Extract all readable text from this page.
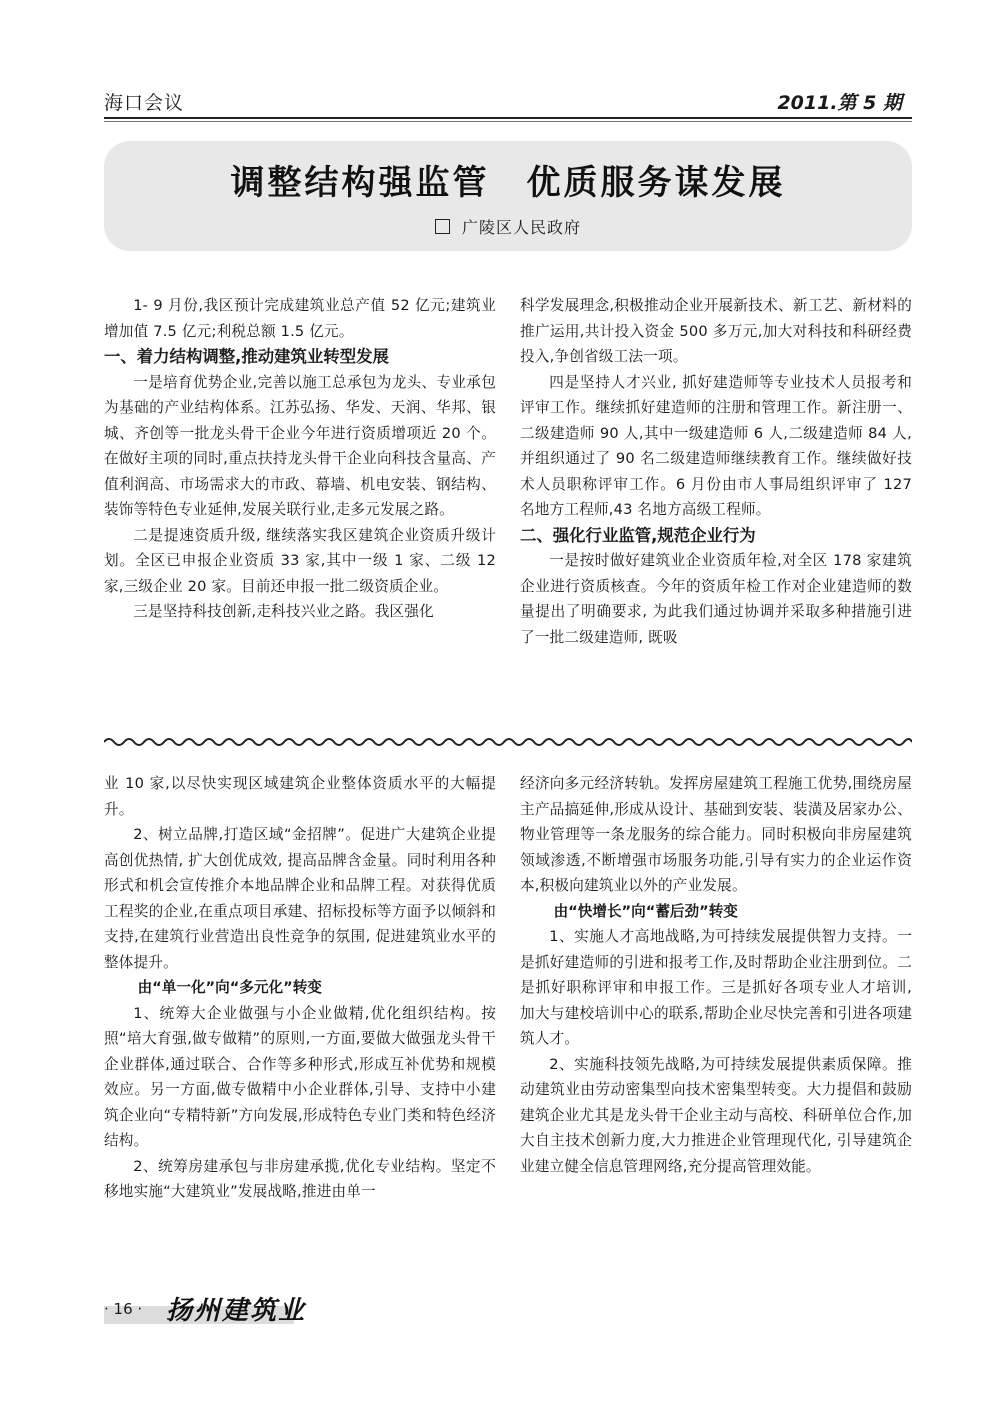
海口会议	2011.第 5 期
调整结构强监管　优质服务谋发展
广陵区人民政府

1- 9 月份,我区预计完成建筑业总产值 52 亿元;建筑业增加值 7.5 亿元;利税总额 1.5 亿元。

一、着力结构调整,推动建筑业转型发展

一是培育优势企业,完善以施工总承包为龙头、专业承包为基础的产业结构体系。江苏弘扬、华发、天润、华邦、银城、齐创等一批龙头骨干企业今年进行资质增项近 20 个。在做好主项的同时,重点扶持龙头骨干企业向科技含量高、产值利润高、市场需求大的市政、幕墙、机电安装、钢结构、装饰等特色专业延伸,发展关联行业,走多元发展之路。

二是提速资质升级, 继续落实我区建筑企业资质升级计划。全区已申报企业资质 33 家,其中一级 1 家、二级 12 家,三级企业 20 家。目前还申报一批二级资质企业。

三是坚持科技创新,走科技兴业之路。我区强化

科学发展理念,积极推动企业开展新技术、新工艺、新材料的推广运用,共计投入资金 500 多万元,加大对科技和科研经费投入,争创省级工法一项。

四是坚持人才兴业, 抓好建造师等专业技术人员报考和评审工作。继续抓好建造师的注册和管理工作。新注册一、二级建造师 90 人,其中一级建造师 6 人,二级建造师 84 人,并组织通过了 90 名二级建造师继续教育工作。继续做好技术人员职称评审工作。6 月份由市人事局组织评审了 127 名地方工程师,43 名地方高级工程师。

二、强化行业监管,规范企业行为

一是按时做好建筑业企业资质年检,对全区 178 家建筑企业进行资质核查。今年的资质年检工作对企业建造师的数量提出了明确要求, 为此我们通过协调并采取多种措施引进了一批二级建造师, 既吸

业 10 家,以尽快实现区域建筑企业整体资质水平的大幅提升。

2、树立品牌,打造区域“金招牌”。促进广大建筑企业提高创优热情, 扩大创优成效, 提高品牌含金量。同时利用各种形式和机会宣传推介本地品牌企业和品牌工程。对获得优质工程奖的企业,在重点项目承建、招标投标等方面予以倾斜和支持,在建筑行业营造出良性竞争的氛围, 促进建筑业水平的整体提升。

由“单一化”向“多元化”转变

1、统筹大企业做强与小企业做精,优化组织结构。按照“培大育强,做专做精”的原则,一方面,要做大做强龙头骨干企业群体,通过联合、合作等多种形式,形成互补优势和规模效应。另一方面,做专做精中小企业群体,引导、支持中小建筑企业向“专精特新”方向发展,形成特色专业门类和特色经济结构。

2、统筹房建承包与非房建承揽,优化专业结构。坚定不移地实施“大建筑业”发展战略,推进由单一

经济向多元经济转轨。发挥房屋建筑工程施工优势,围绕房屋主产品搞延伸,形成从设计、基础到安装、装潢及居家办公、物业管理等一条龙服务的综合能力。同时积极向非房屋建筑领域渗透,不断增强市场服务功能,引导有实力的企业运作资本,积极向建筑业以外的产业发展。

由“快增长”向“蓄后劲”转变

1、实施人才高地战略,为可持续发展提供智力支持。一是抓好建造师的引进和报考工作,及时帮助企业注册到位。二是抓好职称评审和申报工作。三是抓好各项专业人才培训, 加大与建校培训中心的联系,帮助企业尽快完善和引进各项建筑人才。

2、实施科技领先战略,为可持续发展提供素质保障。推动建筑业由劳动密集型向技术密集型转变。大力提倡和鼓励建筑企业尤其是龙头骨干企业主动与高校、科研单位合作,加大自主技术创新力度,大力推进企业管理现代化, 引导建筑企业建立健全信息管理网络,充分提高管理效能。

· 16 · 扬州建筑业
